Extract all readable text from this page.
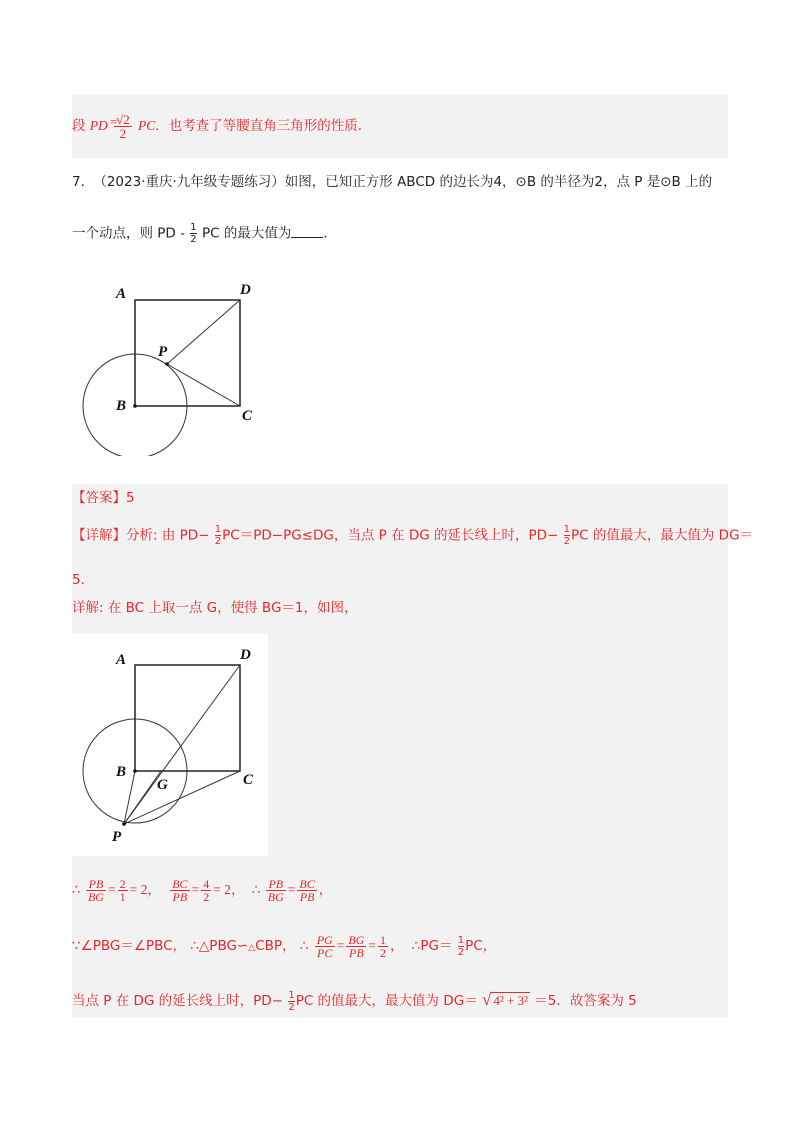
段 PD $\frac{√2}{2}$ PC．也考查了等腰直角三角形的性质．
=
7． （2023·重庆·九年级专题练习）如图，已知正方形 ABCD 的边长为4，⊙B 的半径为2，点 P 是⊙B 上的
一个动点，则 PD - $\frac{1}{2}$ PC 的最大值为 ．
A	D
P
B
C
【答案】5
【详解】分析: 由 $PD- \frac{1}{2} PC=PD-PG\le DG$，当点 P 在 DG 的延长线上时，$PD- \frac{1}{2}$ PC 的值最大，最大值为 DG＝
5.
详解: 在 BC 上取一点 G，使得 BG＝1，如图，
A	D
B
G	C
P
∴ $\frac{PB}{BG} = \frac{2}{1} = 2$， $\frac{BC}{PB} = \frac{4}{2} = 2$， ∴ $\frac{PB}{BG} = \frac{BC}{PB}$ ，
∵∠PBG＝∠PBC， ∴△PBG∽△CBP， ∴ $\frac{PG}{PC} = \frac{BG}{PB} = \frac{1}{2}$ ， ∴PG＝ $\frac{1}{2}$ PC，
当点 P 在 DG 的延长线上时，$PD- \frac{1}{2}$ PC 的值最大，最大值为 DG＝ √ 4² + 3² ＝5．故答案为 5
